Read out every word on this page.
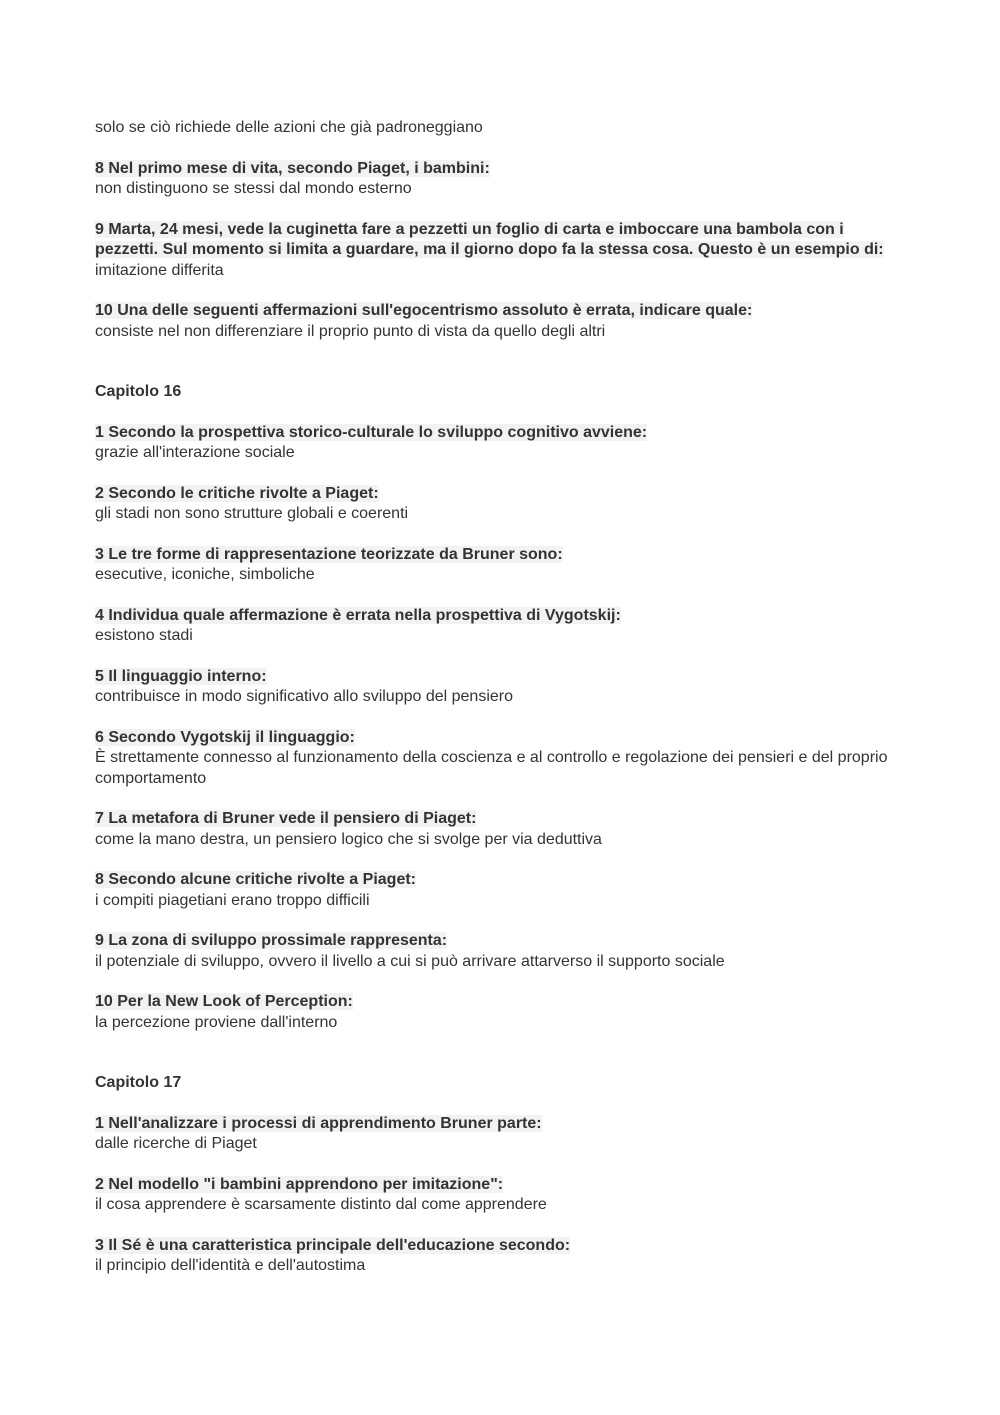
solo se ciò richiede delle azioni che già padroneggiano

8 Nel primo mese di vita, secondo Piaget, i bambini:

non distinguono se stessi dal mondo esterno

9 Marta, 24 mesi, vede la cuginetta fare a pezzetti un foglio di carta e imboccare una bambola con i pezzetti. Sul momento si limita a guardare, ma il giorno dopo fa la stessa cosa. Questo è un esempio di:

imitazione differita

10 Una delle seguenti affermazioni sull'egocentrismo assoluto è errata, indicare quale:

consiste nel non differenziare il proprio punto di vista da quello degli altri

Capitolo 16

1 Secondo la prospettiva storico-culturale lo sviluppo cognitivo avviene:

grazie all'interazione sociale

2 Secondo le critiche rivolte a Piaget:

gli stadi non sono strutture globali e coerenti

3 Le tre forme di rappresentazione teorizzate da Bruner sono:

esecutive, iconiche, simboliche

4 Individua quale affermazione è errata nella prospettiva di Vygotskij:

esistono stadi

5 Il linguaggio interno:

contribuisce in modo significativo allo sviluppo del pensiero

6 Secondo Vygotskij il linguaggio:

È strettamente connesso al funzionamento della coscienza e al controllo e regolazione dei pensieri e del proprio comportamento

7 La metafora di Bruner vede il pensiero di Piaget:

come la mano destra, un pensiero logico che si svolge per via deduttiva

8 Secondo alcune critiche rivolte a Piaget:

i compiti piagetiani erano troppo difficili

9 La zona di sviluppo prossimale rappresenta:

il potenziale di sviluppo, ovvero il livello a cui si può arrivare attarverso il supporto sociale

10 Per la New Look of Perception:

la percezione proviene dall'interno

Capitolo 17

1 Nell'analizzare i processi di apprendimento Bruner parte:

dalle ricerche di Piaget

2 Nel modello "i bambini apprendono per imitazione":

il cosa apprendere è scarsamente distinto dal come apprendere

3 Il Sé è una caratteristica principale dell'educazione secondo:

il principio dell'identità e dell'autostima
